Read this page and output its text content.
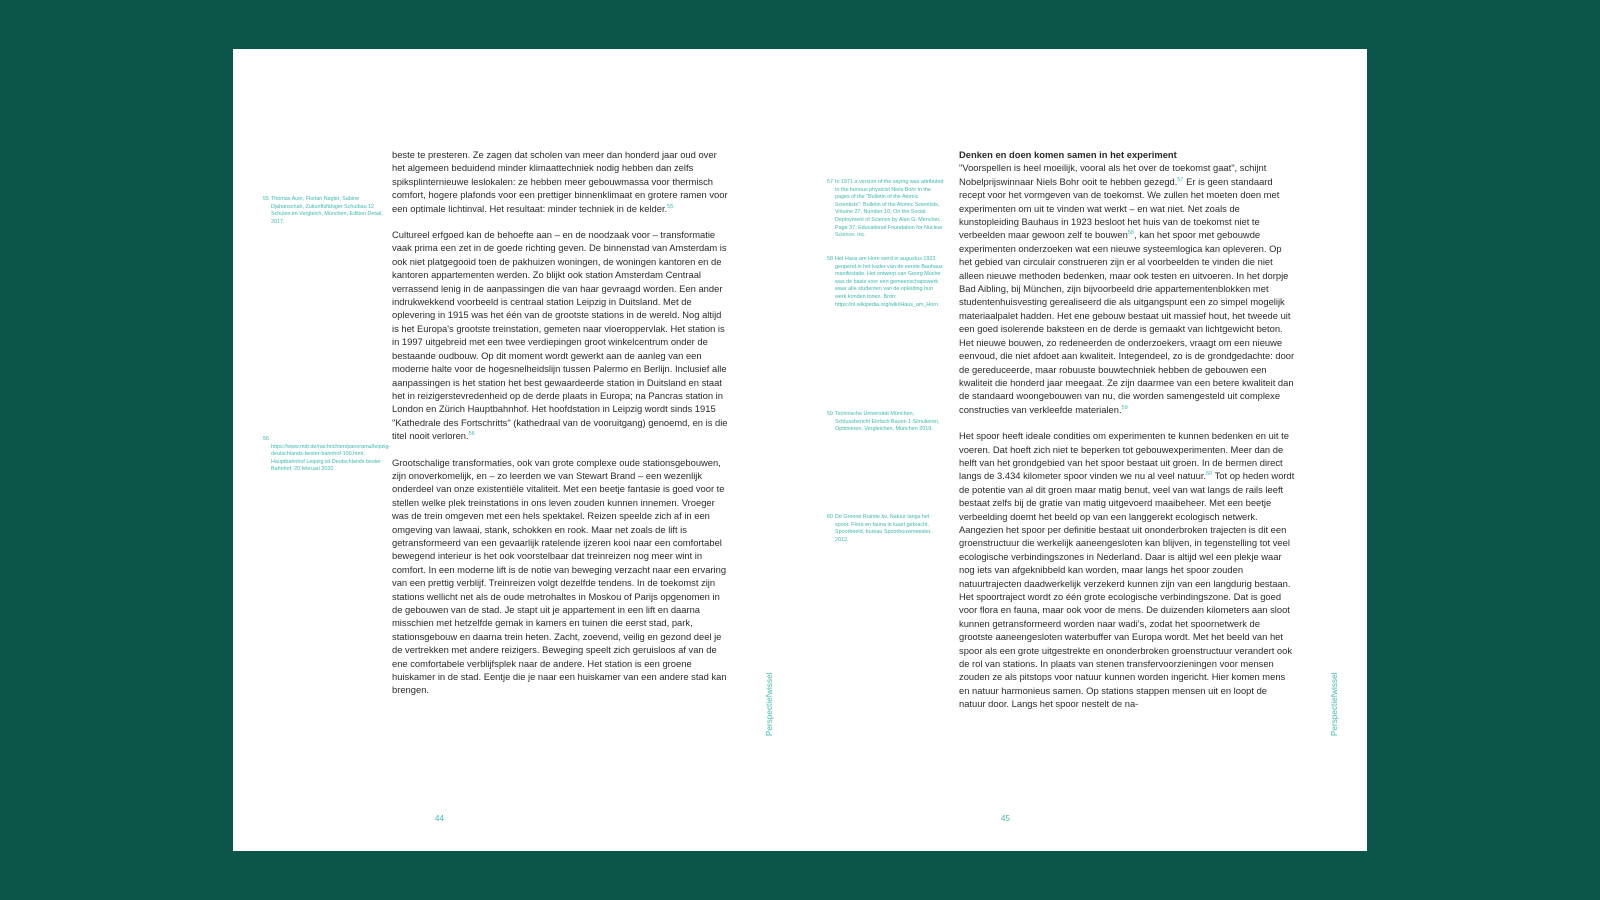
55 Thomas Auer, Florian Nagler, Sabine Djahanschah, Zukunftsfähiger Schulbau 12 Schulen im Vergleich, München, Edition Detail, 2017.
56https://www.mdr.de/nachrichten/panorama/leipzig-deutschlands-bester-bahnhof-100.html, Hauptbahnhof Leipzig ist Deutschlands bester Bahnhof, 20 februari 2020

beste te presteren. Ze zagen dat scholen van meer dan honderd jaar oud over het algemeen beduidend minder klimaattechniek nodig hebben dan zelfs spiksplinternieuwe leslokalen: ze hebben meer gebouwmassa voor thermisch comfort, hogere plafonds voor een prettiger binnenklimaat en grotere ramen voor een optimale lichtinval. Het resultaat: minder techniek in de kelder.$^{55}$

Cultureel erfgoed kan de behoefte aan – en de noodzaak voor – transformatie vaak prima een zet in de goede richting geven. De binnenstad van Amsterdam is ook niet platgegooid toen de pakhuizen woningen, de woningen kantoren en de kantoren appartementen werden. Zo blijkt ook station Amsterdam Centraal verrassend lenig in de aanpassingen die van haar gevraagd worden. Een ander indrukwekkend voorbeeld is centraal station Leipzig in Duitsland. Met de oplevering in 1915 was het één van de grootste stations in de wereld. Nog altijd is het Europa's grootste treinstation, gemeten naar vloeroppervlak. Het station is in 1997 uitgebreid met een twee verdiepingen groot winkelcentrum onder de bestaande oudbouw. Op dit moment wordt gewerkt aan de aanleg van een moderne halte voor de hogesnelheidslijn tussen Palermo en Berlijn. Inclusief alle aanpassingen is het station het best gewaardeerde station in Duitsland en staat het in reizigerstevredenheid op de derde plaats in Europa; na Pancras station in London en Zürich Hauptbahnhof. Het hoofdstation in Leipzig wordt sinds 1915 "Kathedrale des Fortschritts" (kathedraal van de vooruitgang) genoemd, en is die titel nooit verloren.$^{56}$

Grootschalige transformaties, ook van grote complexe oude stationsgebouwen, zijn onoverkomelijk, en – zo leerden we van Stewart Brand – een wezenlijk onderdeel van onze existentiële vitaliteit. Met een beetje fantasie is goed voor te stellen welke plek treinstations in ons leven zouden kunnen innemen. Vroeger was de trein omgeven met een hels spektakel. Reizen speelde zich af in een omgeving van lawaai, stank, schokken en rook. Maar net zoals de lift is getransformeerd van een gevaarlijk ratelende ijzeren kooi naar een comfortabel bewegend interieur is het ook voorstelbaar dat treinreizen nog meer wint in comfort. In een moderne lift is de notie van beweging verzacht naar een ervaring van een prettig verblijf. Treinreizen volgt dezelfde tendens. In de toekomst zijn stations wellicht net als de oude metrohaltes in Moskou of Parijs opgenomen in de gebouwen van de stad. Je stapt uit je appartement in een lift en daarna misschien met hetzelfde gemak in kamers en tuinen die eerst stad, park, stationsgebouw en daarna trein heten. Zacht, zoevend, veilig en gezond deel je de vertrekken met andere reizigers. Beweging speelt zich geruisloos af van de ene comfortabele verblijfsplek naar de andere. Het station is een groene huiskamer in de stad. Eentje die je naar een huiskamer van een andere stad kan brengen.	Perspectiefwissel
44
57 In 1971 a version of the saying was attributed to the famous physicist Niels Bohr in the pages of the "Bulletin of the Atomic Scientists": Bulletin of the Atomic Scientists, Volume 27, Number 10, On the Social Deployment of Science by Alan G. Mencher, Page 37, Educational Foundation for Nuclear Science, Inc.
58 Het Haus am Horn werd in augustus 1923 geopend in het kader van de eerste Bauhaus manifestatie. Het ontwerp van Georg Muche was de basis voor een gemeenschapswerk waar alle studenten van de opleiding hun werk konden tonen. Bron: https://nl.wikipedia.org/wiki/Haus_am_Horn.
59 Technische Universität München, Schlussbericht Einfach Bauen 1 Simulieren, Optimieren, Vergleichen, München 2019.
60 De Groene Ruimte bv, Natuur langs het spoor. Flora en fauna in kaart gebracht. Spoorbeeld, bureau Spoorbouwmeester, 2012.
Denken en doen komen samen in het experiment

"Voorspellen is heel moeilijk, vooral als het over de toekomst gaat", schijnt Nobelprijswinnaar Niels Bohr ooit te hebben gezegd.$^{57}$ Er is geen standaard recept voor het vormgeven van de toekomst. We zullen het moeten doen met experimenten om uit te vinden wat werkt – en wat niet. Net zoals de kunstopleiding Bauhaus in 1923 besloot het huis van de toekomst niet te verbeelden maar gewoon zelf te bouwen$^{58}$, kan het spoor met gebouwde experimenten onderzoeken wat een nieuwe systeemlogica kan opleveren. Op het gebied van circulair construeren zijn er al voorbeelden te vinden die niet alleen nieuwe methoden bedenken, maar ook testen en uitvoeren. In het dorpje Bad Aibling, bij München, zijn bijvoorbeeld drie appartementenblokken met studentenhuisvesting gerealiseerd die als uitgangspunt een zo simpel mogelijk materiaalpalet hadden. Het ene gebouw bestaat uit massief hout, het tweede uit een goed isolerende baksteen en de derde is gemaakt van lichtgewicht beton. Het nieuwe bouwen, zo redeneerden de onderzoekers, vraagt om een nieuwe eenvoud, die niet afdoet aan kwaliteit. Integendeel, zo is de grondgedachte: door de gereduceerde, maar robuuste bouwtechniek hebben de gebouwen een kwaliteit die honderd jaar meegaat. Ze zijn daarmee van een betere kwaliteit dan de standaard woongebouwen van nu, die worden samengesteld uit complexe constructies van verkleefde materialen.$^{59}$

Het spoor heeft ideale condities om experimenten te kunnen bedenken en uit te voeren. Dat hoeft zich niet te beperken tot gebouwexperimenten. Meer dan de helft van het grondgebied van het spoor bestaat uit groen. In de bermen direct langs de 3.434 kilometer spoor vinden we nu al veel natuur.$^{60}$ Tot op heden wordt de potentie van al dit groen maar matig benut, veel van wat langs de rails leeft bestaat zelfs bij de gratie van matig uitgevoerd maaibeheer. Met een beetje verbeelding doemt het beeld op van een langgerekt ecologisch netwerk. Aangezien het spoor per definitie bestaat uit ononderbroken trajecten is dit een groenstructuur die werkelijk aaneengesloten kan blijven, in tegenstelling tot veel ecologische verbindingszones in Nederland. Daar is altijd wel een plekje waar nog iets van afgeknibbeld kan worden, maar langs het spoor zouden natuurtrajecten daadwerkelijk verzekerd kunnen zijn van een langdurig bestaan. Het spoortraject wordt zo één grote ecologische verbindingszone. Dat is goed voor flora en fauna, maar ook voor de mens. De duizenden kilometers aan sloot kunnen getransformeerd worden naar wadi's, zodat het spoornetwerk de grootste aaneengesloten waterbuffer van Europa wordt. Met het beeld van het spoor als een grote uitgestrekte en ononderbroken groenstructuur verandert ook de rol van stations. In plaats van stenen transfervoorzieningen voor mensen zouden ze als pitstops voor natuur kunnen worden ingericht. Hier komen mens en natuur harmonieus samen. Op stations stappen mensen uit en loopt de natuur door. Langs het spoor nestelt de na-	Perspectiefwissel
45
